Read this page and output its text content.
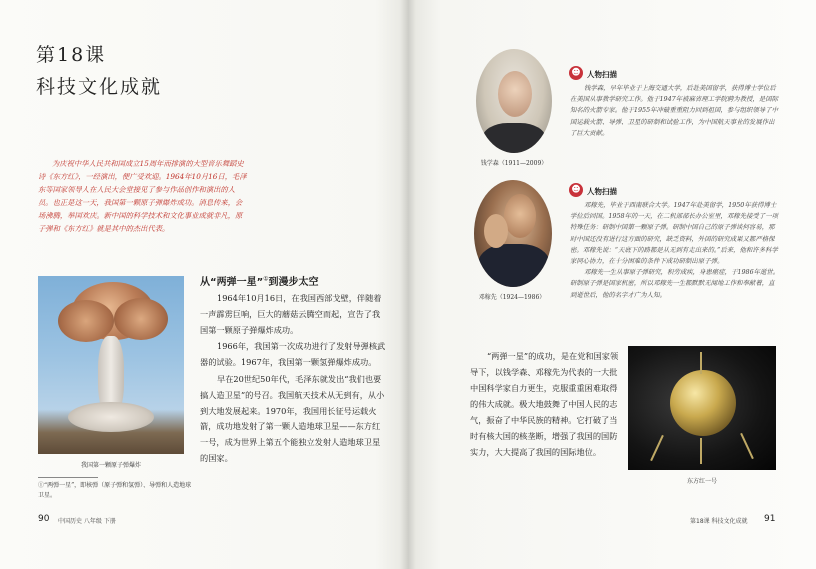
第18课
科技文化成就
为庆祝中华人民共和国成立15周年而排演的大型音乐舞蹈史诗《东方红》，一经演出，便广受欢迎。1964年10月16日，毛泽东等国家领导人在人民大会堂接见了参与作品创作和演出的人员。也正是这一天，我国第一颗原子弹爆炸成功。消息传来，会场沸腾，举国欢庆。新中国的科学技术和文化事业成就非凡，原子弹和《东方红》就是其中的杰出代表。
我国第一颗原子弹爆炸
①“两弹一星”，即核弹（原子弹和氢弹）、导弹和人造地球卫星。
从“两弹一星”①到漫步太空

1964年10月16日，在我国西部戈壁，伴随着一声霹雳巨响，巨大的蘑菇云腾空而起，宣告了我国第一颗原子弹爆炸成功。

1966年，我国第一次成功进行了发射导弹核武器的试验。1967年，我国第一颗氢弹爆炸成功。

早在20世纪50年代，毛泽东就发出“我们也要搞人造卫星”的号召。我国航天技术从无到有，从小到大地发展起来。1970年，我国用长征号运载火箭，成功地发射了第一颗人造地球卫星——东方红一号，成为世界上第五个能独立发射人造地球卫星的国家。

90 中国历史 八年级 下册
钱学森（1911—2009）
☻ 人物扫描

钱学森，早年毕业于上海交通大学，后赴美国留学，获得博士学位后在美国从事教学研究工作。他于1947年被麻省理工学院聘为教授，是国际知名的火箭专家。他于1955年冲破重重阻力回到祖国，参与组织领导了中国运载火箭、导弹、卫星的研制和试验工作，为中国航天事业的发展作出了巨大贡献。

邓稼先（1924—1986）
☻ 人物扫描

邓稼先，毕业于西南联合大学。1947年赴美留学，1950年获得博士学位后回国。1958年的一天，在二机部部长办公室里，邓稼先接受了一项特殊任务：研制中国第一颗原子弹。研制中国自己的原子弹谈何容易，那时中国还没有进行这方面的研究，缺乏资料，外国的研究成果又都严格保密。邓稼先说：“天底下的路都是从无到有走出来的。”后来，他和许多科学家同心协力，在十分困难的条件下成功研制出原子弹。

邓稼先一生从事原子弹研究，积劳成疾，身患癌症，于1986年逝世。研制原子弹是国家机密，所以邓稼先一生都默默无闻地工作和奉献着，直到逝世后，他的名字才广为人知。

“两弹一星”的成功，是在党和国家领导下，以钱学森、邓稼先为代表的一大批中国科学家自力更生，克服重重困难取得的伟大成就。极大地鼓舞了中国人民的志气，振奋了中华民族的精神。它打破了当时有核大国的核垄断，增强了我国的国防实力，大大提高了我国的国际地位。
东方红一号
第18课 科技文化成就 91
